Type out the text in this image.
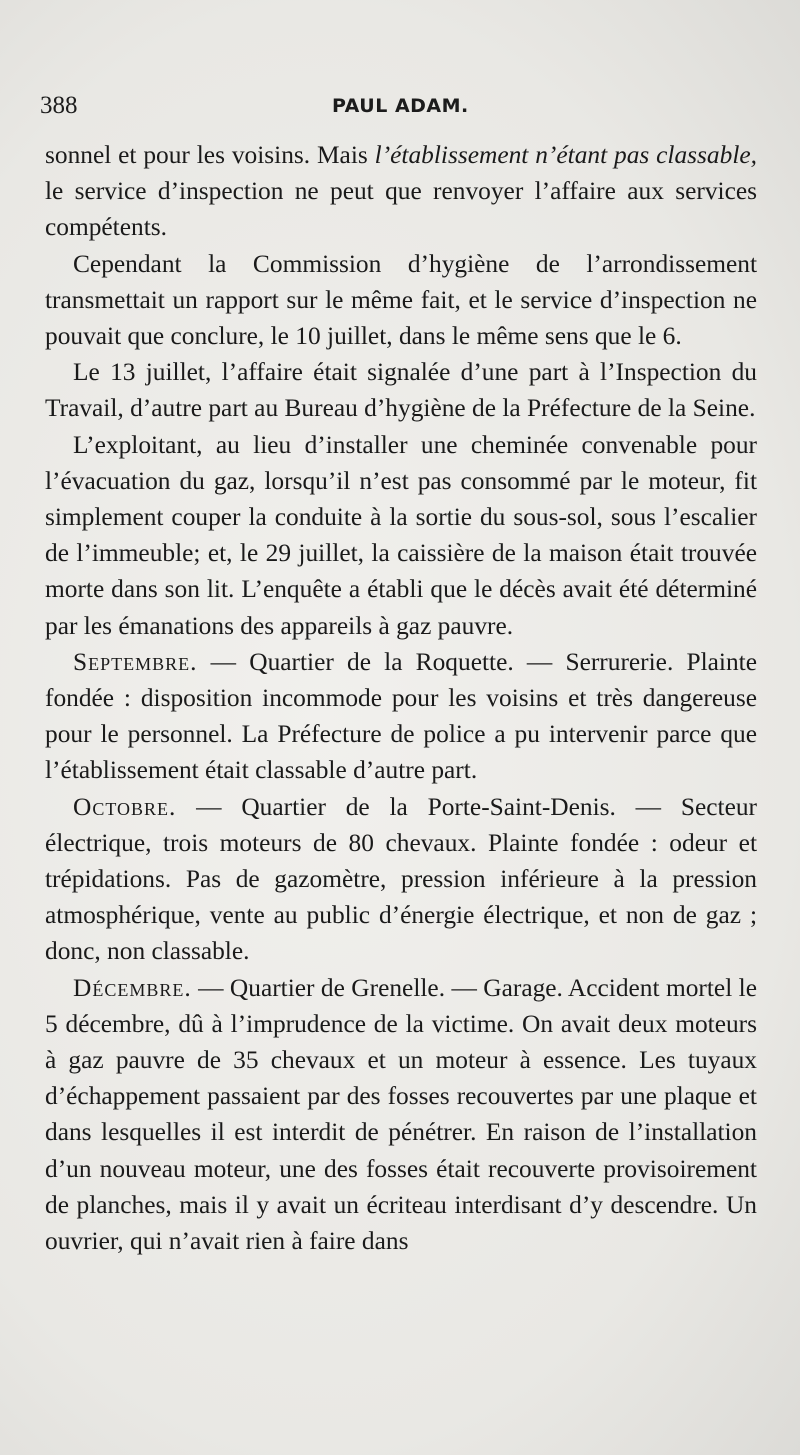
388	PAUL ADAM.

sonnel et pour les voisins. Mais l’établissement n’étant pas classable, le service d’inspection ne peut que renvoyer l’affaire aux services compétents.

Cependant la Commission d’hygiène de l’arrondissement transmettait un rapport sur le même fait, et le service d’inspection ne pouvait que conclure, le 10 juillet, dans le même sens que le 6.

Le 13 juillet, l’affaire était signalée d’une part à l’Inspection du Travail, d’autre part au Bureau d’hygiène de la Préfecture de la Seine.

L’exploitant, au lieu d’installer une cheminée convenable pour l’évacuation du gaz, lorsqu’il n’est pas consommé par le moteur, fit simplement couper la conduite à la sortie du sous-sol, sous l’escalier de l’immeuble; et, le 29 juillet, la caissière de la maison était trouvée morte dans son lit. L’enquête a établi que le décès avait été déterminé par les émanations des appareils à gaz pauvre.

Septembre. — Quartier de la Roquette. — Serrurerie. Plainte fondée : disposition incommode pour les voisins et très dangereuse pour le personnel. La Préfecture de police a pu intervenir parce que l’établissement était classable d’autre part.

Octobre. — Quartier de la Porte-Saint-Denis. — Secteur électrique, trois moteurs de 80 chevaux. Plainte fondée : odeur et trépidations. Pas de gazomètre, pression inférieure à la pression atmosphérique, vente au public d’énergie électrique, et non de gaz ; donc, non classable.

Décembre. — Quartier de Grenelle. — Garage. Accident mortel le 5 décembre, dû à l’imprudence de la victime. On avait deux moteurs à gaz pauvre de 35 chevaux et un moteur à essence. Les tuyaux d’échappement passaient par des fosses recouvertes par une plaque et dans lesquelles il est interdit de pénétrer. En raison de l’installation d’un nouveau moteur, une des fosses était recouverte provisoirement de planches, mais il y avait un écriteau interdisant d’y descendre. Un ouvrier, qui n’avait rien à faire dans
